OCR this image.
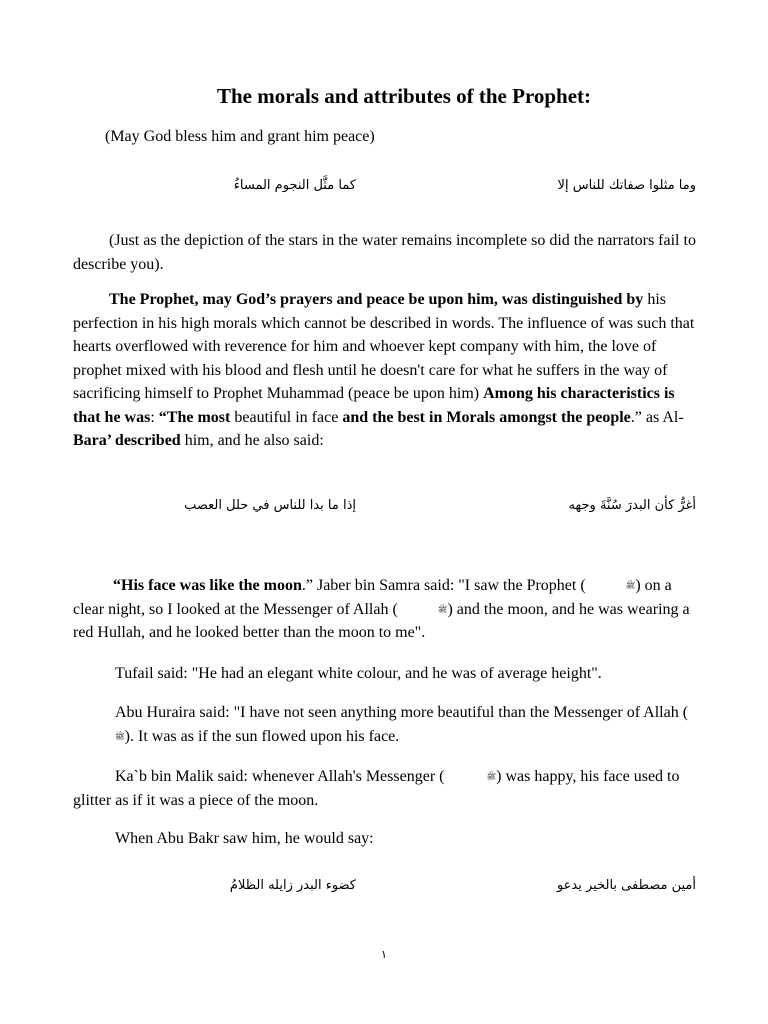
The morals and attributes of the Prophet:
(May God bless him and grant him peace)
وما مثلوا صفاتك للناس إلا
كما مثَّل النجوم المساءُ
(Just as the depiction of the stars in the water remains incomplete so did the narrators fail to describe you).
The Prophet, may God’s prayers and peace be upon him, was distinguished by his perfection in his high morals which cannot be described in words. The influence of was such that hearts overflowed with reverence for him and whoever kept company with him, the love of prophet mixed with his blood and flesh until he doesn't care for what he suffers in the way of sacrificing himself to Prophet Muhammad (peace be upon him) Among his characteristics is that he was: “The most beautiful in face and the best in Morals amongst the people.” as Al-Bara’ described him, and he also said:
أغرُّ كأن البدرَ سُنَّةَ وجهه
إذا ما بدا للناس في حلل العصب
“His face was like the moon.” Jaber bin Samra said: "I saw the Prophet (	ﷺ) on a clear night, so I looked at the Messenger of Allah (	ﷺ) and the moon, and he was wearing a red Hullah, and he looked better than the moon to me".
Tufail said: "He had an elegant white colour, and he was of average height".
Abu Huraira said: "I have not seen anything more beautiful than the Messenger of Allah (ﷺ). It was as if the sun flowed upon his face.
Ka`b bin Malik said: whenever Allah's Messenger (	ﷺ) was happy, his face used to glitter as if it was a piece of the moon.
When Abu Bakr saw him, he would say:
أمين مصطفى بالخير يدعو
كضوء البدر زايله الظلامُ
١
